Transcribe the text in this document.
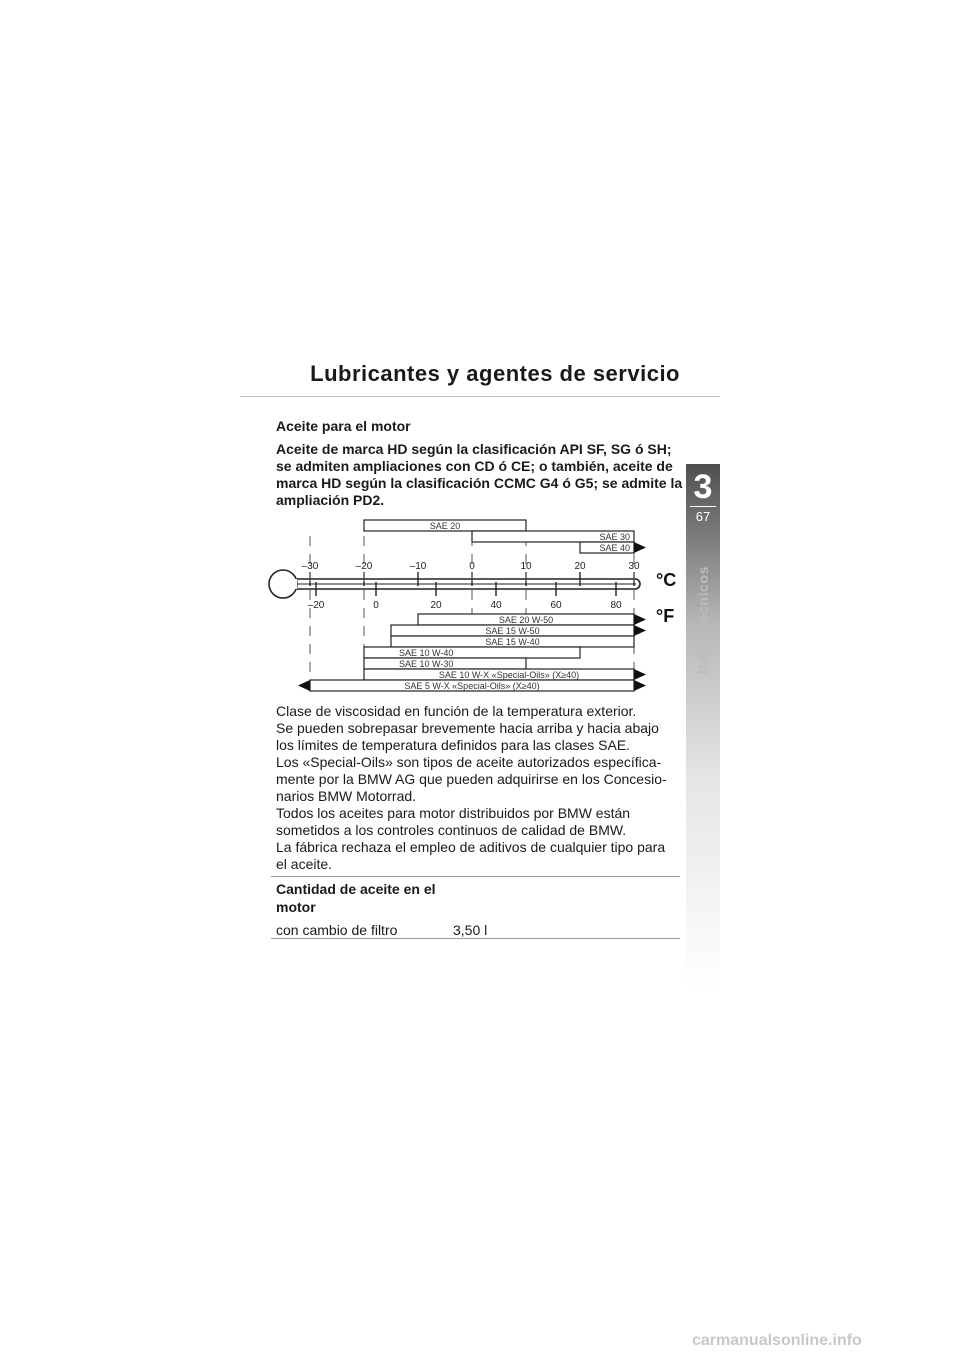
Lubricantes y agentes de servicio
3
67
Datos técnicos
Aceite para el motor

Aceite de marca HD según la clasificación API SF, SG ó SH; se admiten ampliaciones con CD ó CE; o también, aceite de marca HD según la clasificación CCMC G4 ó G5; se admite la ampliación PD2.

–30	–20	–10	0	10	20	30
–20	0	20	40	60	80
°C
°F
SAE 20
SAE 30
SAE 40
SAE 20 W-50
SAE 15 W-50
SAE 15 W-40
SAE 10 W-40
SAE 10 W-30
SAE 10 W-X «Special-Oils» (X≥40)
SAE 5 W-X «Special-Oils» (X≥40)
Clase de viscosidad en función de la temperatura exterior.
Se pueden sobrepasar brevemente hacia arriba y hacia abajo
los límites de temperatura definidos para las clases SAE.
Los «Special-Oils» son tipos de aceite autorizados específica-
mente por la BMW AG que pueden adquirirse en los Concesio-
narios BMW Motorrad.
Todos los aceites para motor distribuidos por BMW están
sometidos a los controles continuos de calidad de BMW.
La fábrica rechaza el empleo de aditivos de cualquier tipo para
el aceite.
Cantidad de aceite en el motor
con cambio de filtro	3,50 l
carmanualsonline.info
